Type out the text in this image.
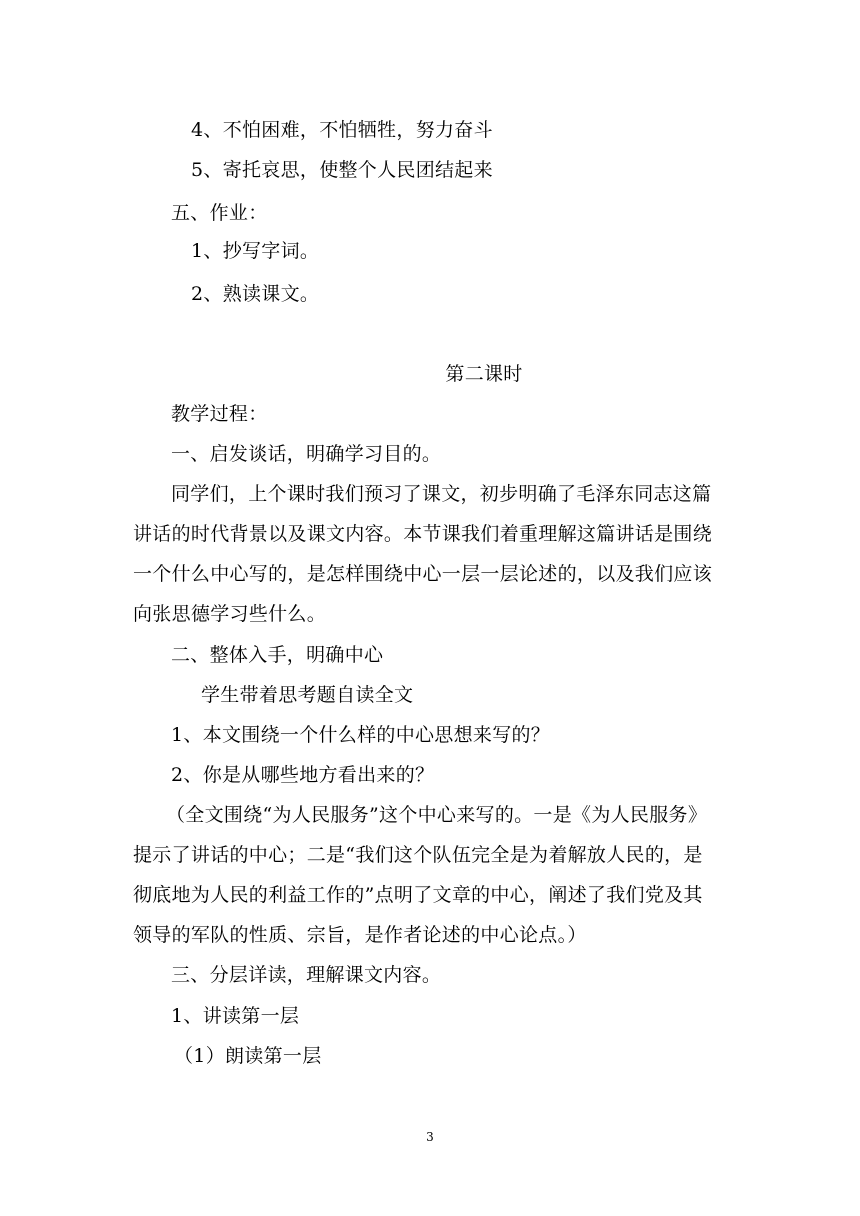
4、不怕困难，不怕牺牲，努力奋斗
5、寄托哀思，使整个人民团结起来
五、作业：
1、抄写字词。
2、熟读课文。
第二课时
教学过程：
一、启发谈话，明确学习目的。
同学们，上个课时我们预习了课文，初步明确了毛泽东同志这篇
讲话的时代背景以及课文内容。本节课我们着重理解这篇讲话是围绕
一个什么中心写的，是怎样围绕中心一层一层论述的，以及我们应该
向张思德学习些什么。
二、整体入手，明确中心
学生带着思考题自读全文
1、本文围绕一个什么样的中心思想来写的？
2、你是从哪些地方看出来的？
（全文围绕“为人民服务”这个中心来写的。一是《为人民服务》
提示了讲话的中心；二是“我们这个队伍完全是为着解放人民的，是
彻底地为人民的利益工作的”点明了文章的中心，阐述了我们党及其
领导的军队的性质、宗旨，是作者论述的中心论点。）
三、分层详读，理解课文内容。
1、讲读第一层
（1）朗读第一层
3
